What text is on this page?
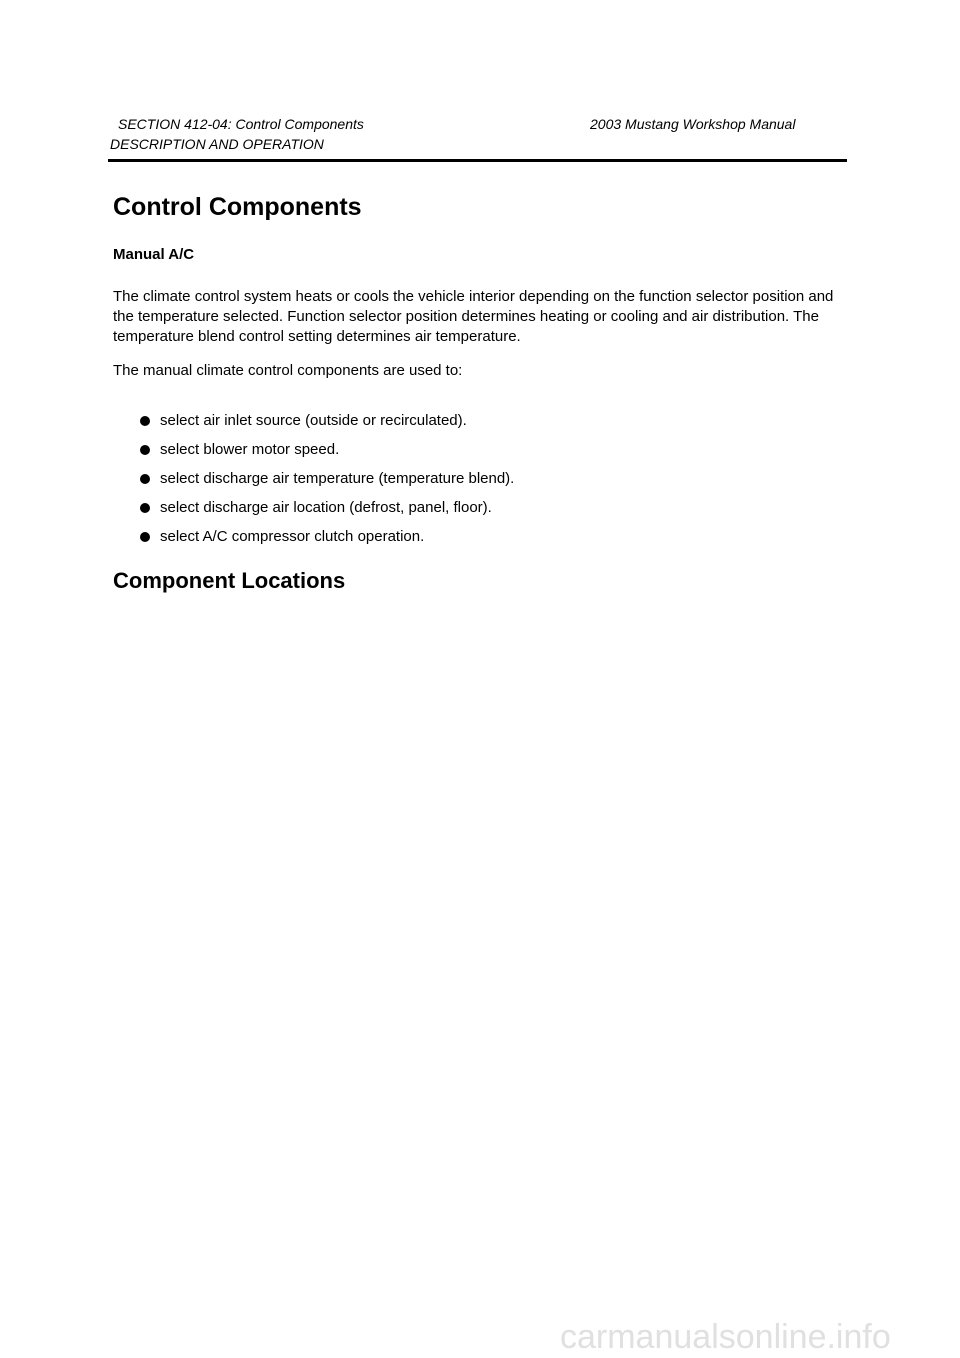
SECTION 412-04: Control Components	2003 Mustang Workshop Manual
DESCRIPTION AND OPERATION
Control Components
Manual A/C

The climate control system heats or cools the vehicle interior depending on the function selector position and the temperature selected. Function selector position determines heating or cooling and air distribution. The temperature blend control setting determines air temperature.

The manual climate control components are used to:

select air inlet source (outside or recirculated).
select blower motor speed.
select discharge air temperature (temperature blend).
select discharge air location (defrost, panel, floor).
select A/C compressor clutch operation.
Component Locations
carmanualsonline.info
